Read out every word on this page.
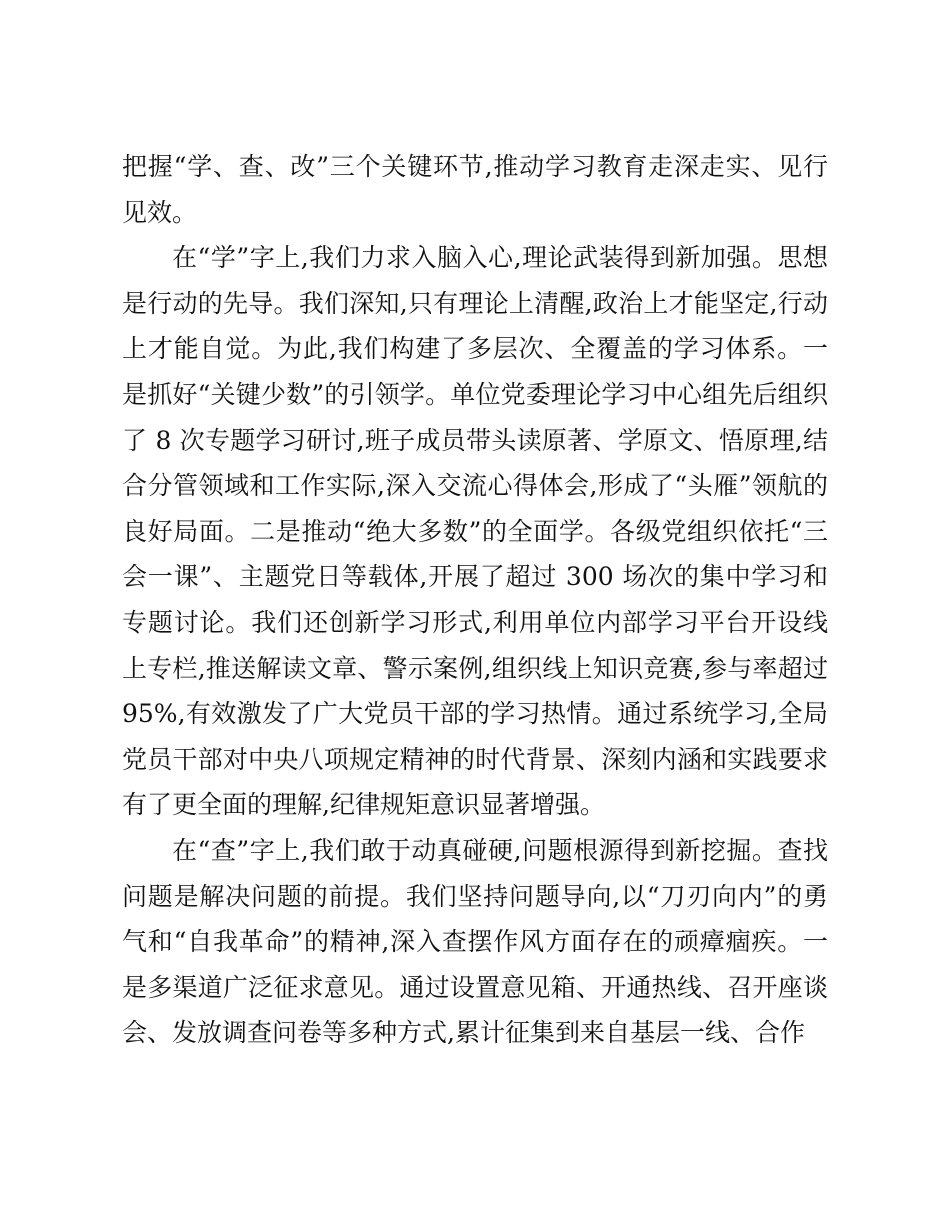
把握“学、查、改”三个关键环节,推动学习教育走深走实、见行见效。

在“学”字上,我们力求入脑入心,理论武装得到新加强。思想是行动的先导。我们深知,只有理论上清醒,政治上才能坚定,行动上才能自觉。为此,我们构建了多层次、全覆盖的学习体系。一是抓好“关键少数”的引领学。单位党委理论学习中心组先后组织了 8 次专题学习研讨,班子成员带头读原著、学原文、悟原理,结合分管领域和工作实际,深入交流心得体会,形成了“头雁”领航的良好局面。二是推动“绝大多数”的全面学。各级党组织依托“三会一课”、主题党日等载体,开展了超过 300 场次的集中学习和专题讨论。我们还创新学习形式,利用单位内部学习平台开设线上专栏,推送解读文章、警示案例,组织线上知识竞赛,参与率超过 95%,有效激发了广大党员干部的学习热情。通过系统学习,全局党员干部对中央八项规定精神的时代背景、深刻内涵和实践要求有了更全面的理解,纪律规矩意识显著增强。

在“查”字上,我们敢于动真碰硬,问题根源得到新挖掘。查找问题是解决问题的前提。我们坚持问题导向,以“刀刃向内”的勇气和“自我革命”的精神,深入查摆作风方面存在的顽瘴痼疾。一是多渠道广泛征求意见。通过设置意见箱、开通热线、召开座谈会、发放调查问卷等多种方式,累计征集到来自基层一线、合作
